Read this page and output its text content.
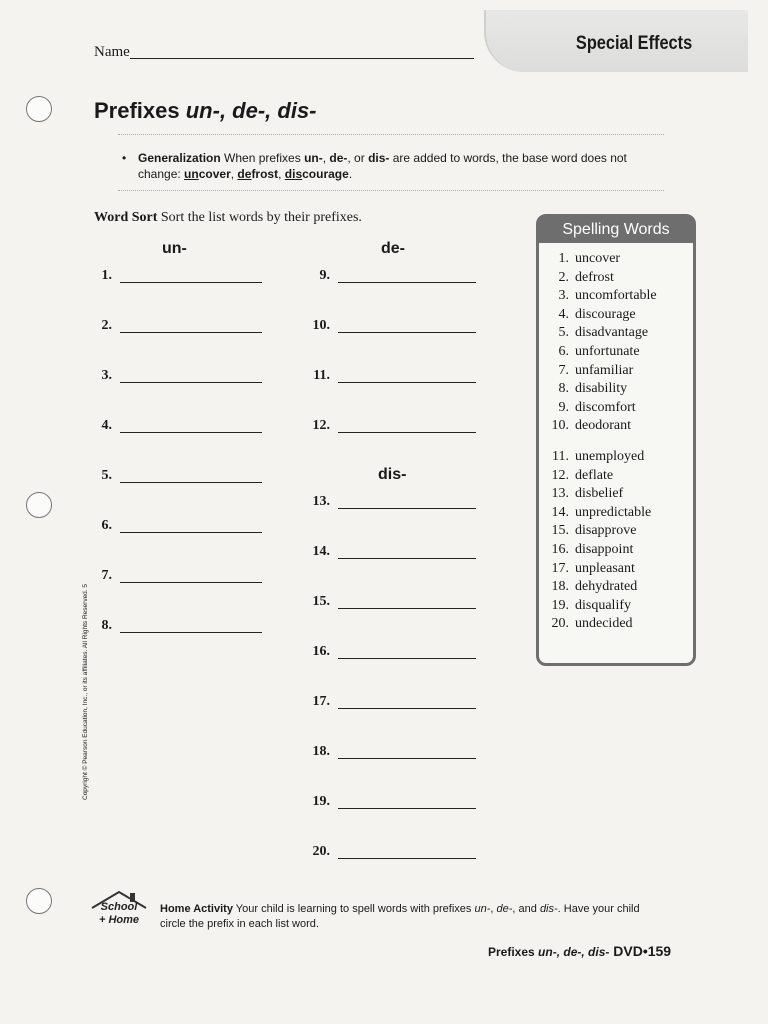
Special Effects
Name
Prefixes un-, de-, dis-
• Generalization When prefixes un-, de-, or dis- are added to words, the base word does not change: uncover, defrost, discourage.
Word Sort Sort the list words by their prefixes.
un-	de-
dis-
1.
2.
3.
4.
5.
6.
7.
8.
9.
10.
11.
12.
13.
14.
15.
16.
17.
18.
19.
20.
Spelling Words
1. uncover
2. defrost
3. uncomfortable
4. discourage
5. disadvantage
6. unfortunate
7. unfamiliar
8. disability
9. discomfort
10. deodorant
11. unemployed
12. deflate
13. disbelief
14. unpredictable
15. disapprove
16. disappoint
17. unpleasant
18. dehydrated
19. disqualify
20. undecided
Copyright © Pearson Education, Inc., or its affiliates. All Rights Reserved. 5
School
+ Home
Home Activity Your child is learning to spell words with prefixes un-, de-, and dis-. Have your child circle the prefix in each list word.
Prefixes un-, de-, dis- DVD•159
